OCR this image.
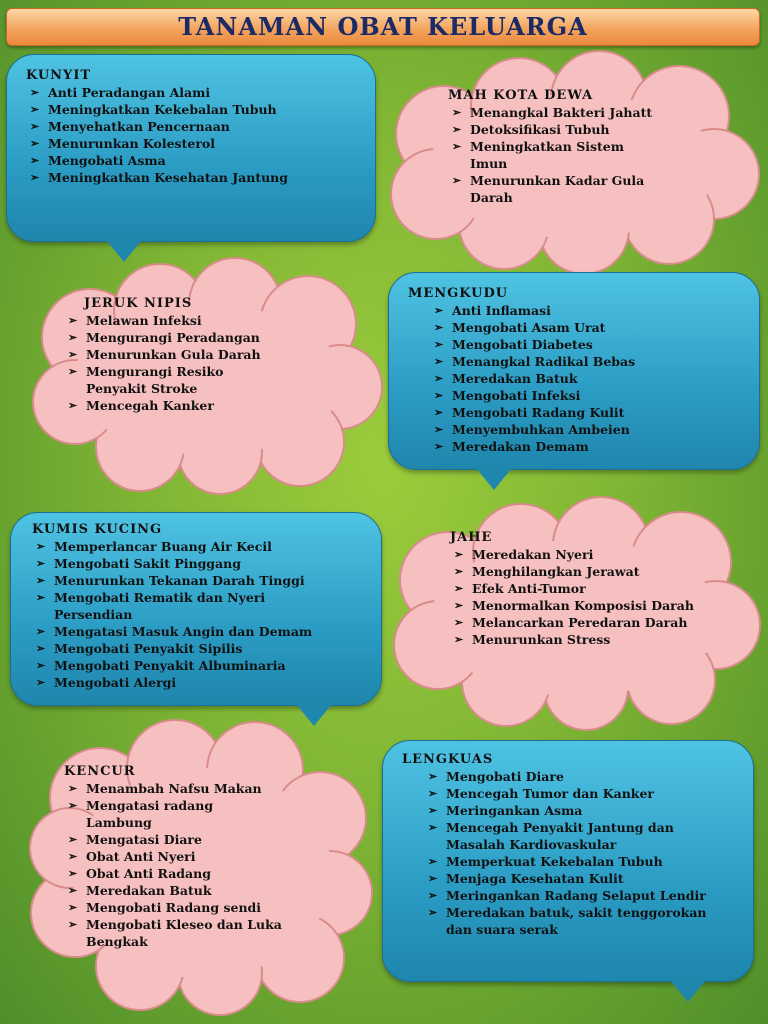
TANAMAN OBAT KELUARGA
KUNYIT
➢ Anti Peradangan Alami
➢ Meningkatkan Kekebalan Tubuh
➢ Menyehatkan Pencernaan
➢ Menurunkan Kolesterol
➢ Mengobati Asma
➢ Meningkatkan Kesehatan Jantung
MAH KOTA DEWA
➢ Menangkal Bakteri Jahatt
➢ Detoksifikasi Tubuh
➢ Meningkatkan Sistem Imun
➢ Menurunkan Kadar Gula Darah
JERUK NIPIS
➢ Melawan Infeksi
➢ Mengurangi Peradangan
➢ Menurunkan Gula Darah
➢ Mengurangi Resiko Penyakit Stroke
➢ Mencegah Kanker
MENGKUDU
➢ Anti Inflamasi
➢ Mengobati Asam Urat
➢ Mengobati Diabetes
➢ Menangkal Radikal Bebas
➢ Meredakan Batuk
➢ Mengobati Infeksi
➢ Mengobati Radang Kulit
➢ Menyembuhkan Ambeien
➢ Meredakan Demam
KUMIS KUCING
➢ Memperlancar Buang Air Kecil
➢ Mengobati Sakit Pinggang
➢ Menurunkan Tekanan Darah Tinggi
➢ Mengobati Rematik dan Nyeri Persendian
➢ Mengatasi Masuk Angin dan Demam
➢ Mengobati Penyakit Sipilis
➢ Mengobati Penyakit Albuminaria
➢ Mengobati Alergi
JAHE
➢ Meredakan Nyeri
➢ Menghilangkan Jerawat
➢ Efek Anti-Tumor
➢ Menormalkan Komposisi Darah
➢ Melancarkan Peredaran Darah
➢ Menurunkan Stress
KENCUR
➢ Menambah Nafsu Makan
➢ Mengatasi radang Lambung
➢ Mengatasi Diare
➢ Obat Anti Nyeri
➢ Obat Anti Radang
➢ Meredakan Batuk
➢ Mengobati Radang sendi
➢ Mengobati Kleseo dan Luka Bengkak
LENGKUAS
➢ Mengobati Diare
➢ Mencegah Tumor dan Kanker
➢ Meringankan Asma
➢ Mencegah Penyakit Jantung dan Masalah Kardiovaskular
➢ Memperkuat Kekebalan Tubuh
➢ Menjaga Kesehatan Kulit
➢ Meringankan Radang Selaput Lendir
➢ Meredakan batuk, sakit tenggorokan dan suara serak
